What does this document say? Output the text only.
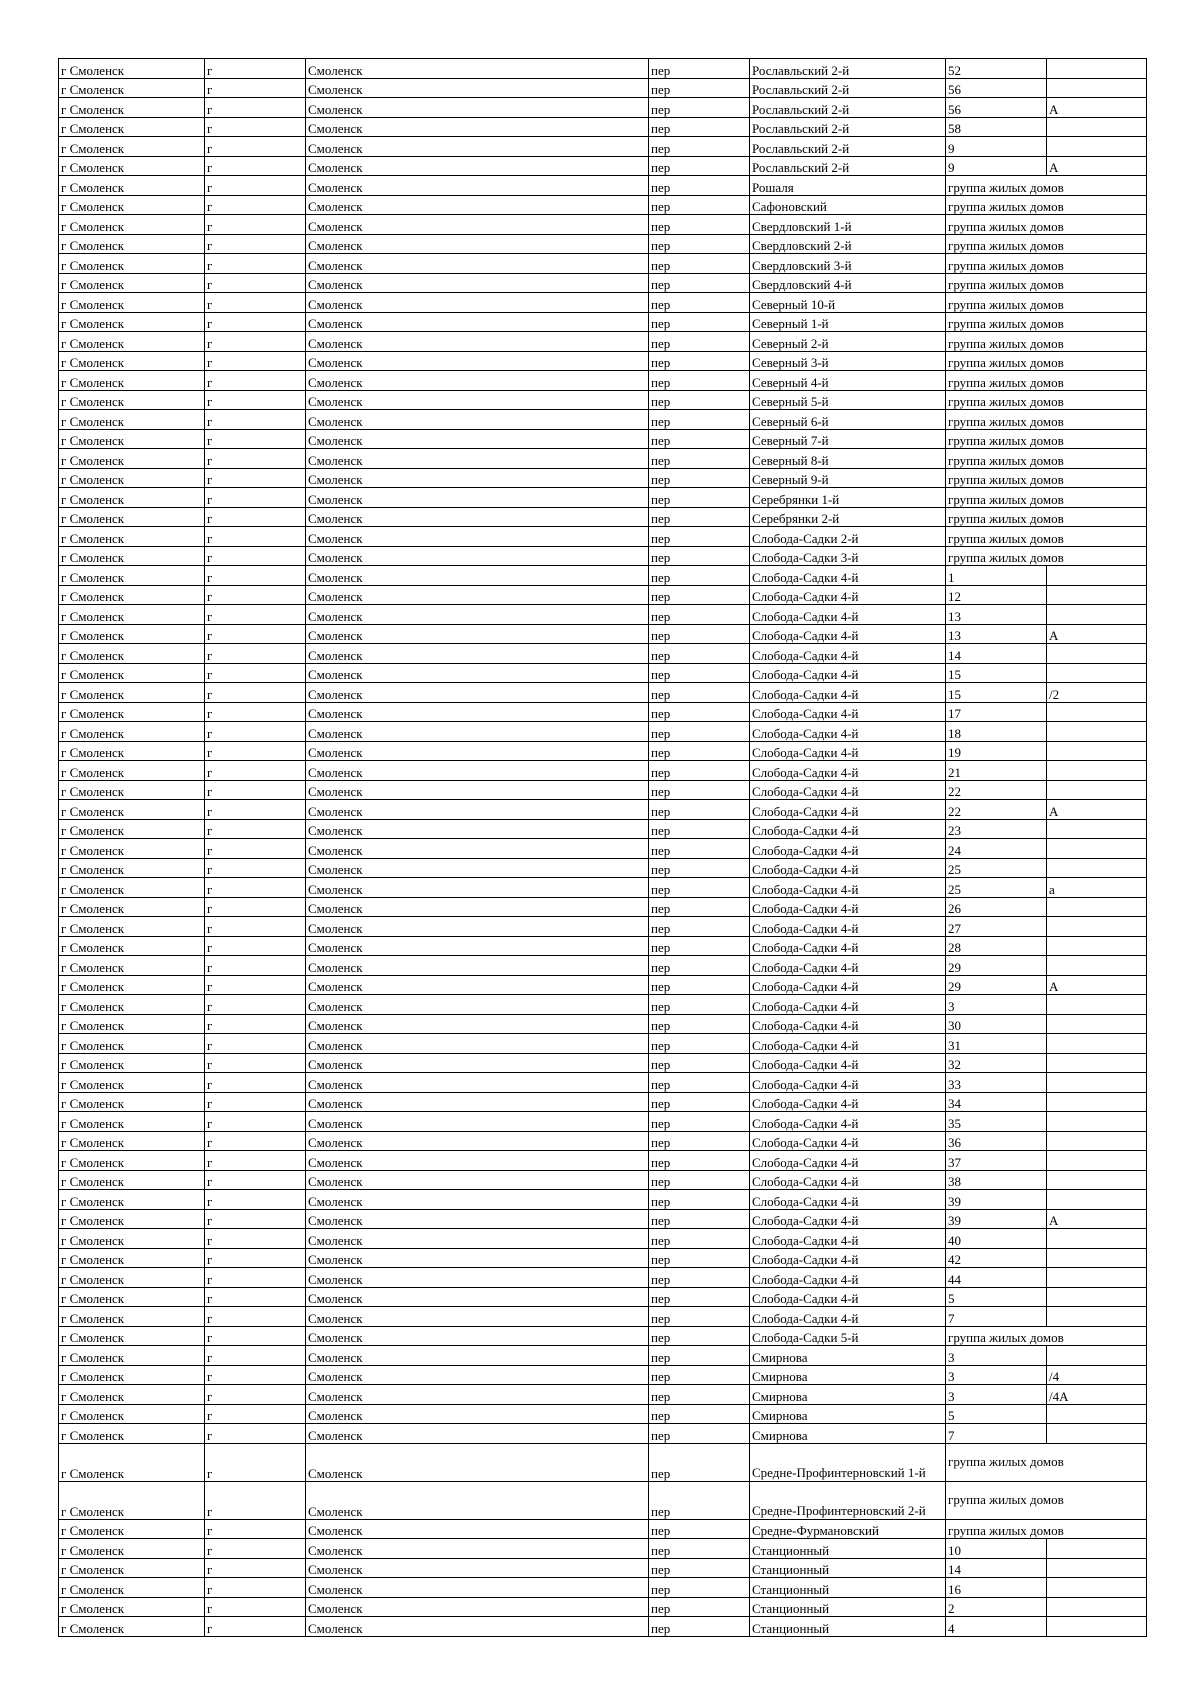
г Смоленск	г	Смоленск	пер	Рославльский 2-й	52	
г Смоленск	г	Смоленск	пер	Рославльский 2-й	56	
г Смоленск	г	Смоленск	пер	Рославльский 2-й	56	А
г Смоленск	г	Смоленск	пер	Рославльский 2-й	58	
г Смоленск	г	Смоленск	пер	Рославльский 2-й	9	
г Смоленск	г	Смоленск	пер	Рославльский 2-й	9	А
г Смоленск	г	Смоленск	пер	Рошаля	группа жилых домов	
г Смоленск	г	Смоленск	пер	Сафоновский	группа жилых домов	
г Смоленск	г	Смоленск	пер	Свердловский 1-й	группа жилых домов	
г Смоленск	г	Смоленск	пер	Свердловский 2-й	группа жилых домов	
г Смоленск	г	Смоленск	пер	Свердловский 3-й	группа жилых домов	
г Смоленск	г	Смоленск	пер	Свердловский 4-й	группа жилых домов	
г Смоленск	г	Смоленск	пер	Северный 10-й	группа жилых домов	
г Смоленск	г	Смоленск	пер	Северный 1-й	группа жилых домов	
г Смоленск	г	Смоленск	пер	Северный 2-й	группа жилых домов	
г Смоленск	г	Смоленск	пер	Северный 3-й	группа жилых домов	
г Смоленск	г	Смоленск	пер	Северный 4-й	группа жилых домов	
г Смоленск	г	Смоленск	пер	Северный 5-й	группа жилых домов	
г Смоленск	г	Смоленск	пер	Северный 6-й	группа жилых домов	
г Смоленск	г	Смоленск	пер	Северный 7-й	группа жилых домов	
г Смоленск	г	Смоленск	пер	Северный 8-й	группа жилых домов	
г Смоленск	г	Смоленск	пер	Северный 9-й	группа жилых домов	
г Смоленск	г	Смоленск	пер	Серебрянки 1-й	группа жилых домов	
г Смоленск	г	Смоленск	пер	Серебрянки 2-й	группа жилых домов	
г Смоленск	г	Смоленск	пер	Слобода-Садки 2-й	группа жилых домов	
г Смоленск	г	Смоленск	пер	Слобода-Садки 3-й	группа жилых домов	
г Смоленск	г	Смоленск	пер	Слобода-Садки 4-й	1	
г Смоленск	г	Смоленск	пер	Слобода-Садки 4-й	12	
г Смоленск	г	Смоленск	пер	Слобода-Садки 4-й	13	
г Смоленск	г	Смоленск	пер	Слобода-Садки 4-й	13	А
г Смоленск	г	Смоленск	пер	Слобода-Садки 4-й	14	
г Смоленск	г	Смоленск	пер	Слобода-Садки 4-й	15	
г Смоленск	г	Смоленск	пер	Слобода-Садки 4-й	15	/2
г Смоленск	г	Смоленск	пер	Слобода-Садки 4-й	17	
г Смоленск	г	Смоленск	пер	Слобода-Садки 4-й	18	
г Смоленск	г	Смоленск	пер	Слобода-Садки 4-й	19	
г Смоленск	г	Смоленск	пер	Слобода-Садки 4-й	21	
г Смоленск	г	Смоленск	пер	Слобода-Садки 4-й	22	
г Смоленск	г	Смоленск	пер	Слобода-Садки 4-й	22	А
г Смоленск	г	Смоленск	пер	Слобода-Садки 4-й	23	
г Смоленск	г	Смоленск	пер	Слобода-Садки 4-й	24	
г Смоленск	г	Смоленск	пер	Слобода-Садки 4-й	25	
г Смоленск	г	Смоленск	пер	Слобода-Садки 4-й	25	а
г Смоленск	г	Смоленск	пер	Слобода-Садки 4-й	26	
г Смоленск	г	Смоленск	пер	Слобода-Садки 4-й	27	
г Смоленск	г	Смоленск	пер	Слобода-Садки 4-й	28	
г Смоленск	г	Смоленск	пер	Слобода-Садки 4-й	29	
г Смоленск	г	Смоленск	пер	Слобода-Садки 4-й	29	А
г Смоленск	г	Смоленск	пер	Слобода-Садки 4-й	3	
г Смоленск	г	Смоленск	пер	Слобода-Садки 4-й	30	
г Смоленск	г	Смоленск	пер	Слобода-Садки 4-й	31	
г Смоленск	г	Смоленск	пер	Слобода-Садки 4-й	32	
г Смоленск	г	Смоленск	пер	Слобода-Садки 4-й	33	
г Смоленск	г	Смоленск	пер	Слобода-Садки 4-й	34	
г Смоленск	г	Смоленск	пер	Слобода-Садки 4-й	35	
г Смоленск	г	Смоленск	пер	Слобода-Садки 4-й	36	
г Смоленск	г	Смоленск	пер	Слобода-Садки 4-й	37	
г Смоленск	г	Смоленск	пер	Слобода-Садки 4-й	38	
г Смоленск	г	Смоленск	пер	Слобода-Садки 4-й	39	
г Смоленск	г	Смоленск	пер	Слобода-Садки 4-й	39	А
г Смоленск	г	Смоленск	пер	Слобода-Садки 4-й	40	
г Смоленск	г	Смоленск	пер	Слобода-Садки 4-й	42	
г Смоленск	г	Смоленск	пер	Слобода-Садки 4-й	44	
г Смоленск	г	Смоленск	пер	Слобода-Садки 4-й	5	
г Смоленск	г	Смоленск	пер	Слобода-Садки 4-й	7	
г Смоленск	г	Смоленск	пер	Слобода-Садки 5-й	группа жилых домов	
г Смоленск	г	Смоленск	пер	Смирнова	3	
г Смоленск	г	Смоленск	пер	Смирнова	3	/4
г Смоленск	г	Смоленск	пер	Смирнова	3	/4А
г Смоленск	г	Смоленск	пер	Смирнова	5	
г Смоленск	г	Смоленск	пер	Смирнова	7	
г Смоленск	г	Смоленск	пер	Средне-Профинтерновский 1-й	группа жилых домов	
г Смоленск	г	Смоленск	пер	Средне-Профинтерновский 2-й	группа жилых домов	
г Смоленск	г	Смоленск	пер	Средне-Фурмановский	группа жилых домов	
г Смоленск	г	Смоленск	пер	Станционный	10	
г Смоленск	г	Смоленск	пер	Станционный	14	
г Смоленск	г	Смоленск	пер	Станционный	16	
г Смоленск	г	Смоленск	пер	Станционный	2	
г Смоленск	г	Смоленск	пер	Станционный	4	
